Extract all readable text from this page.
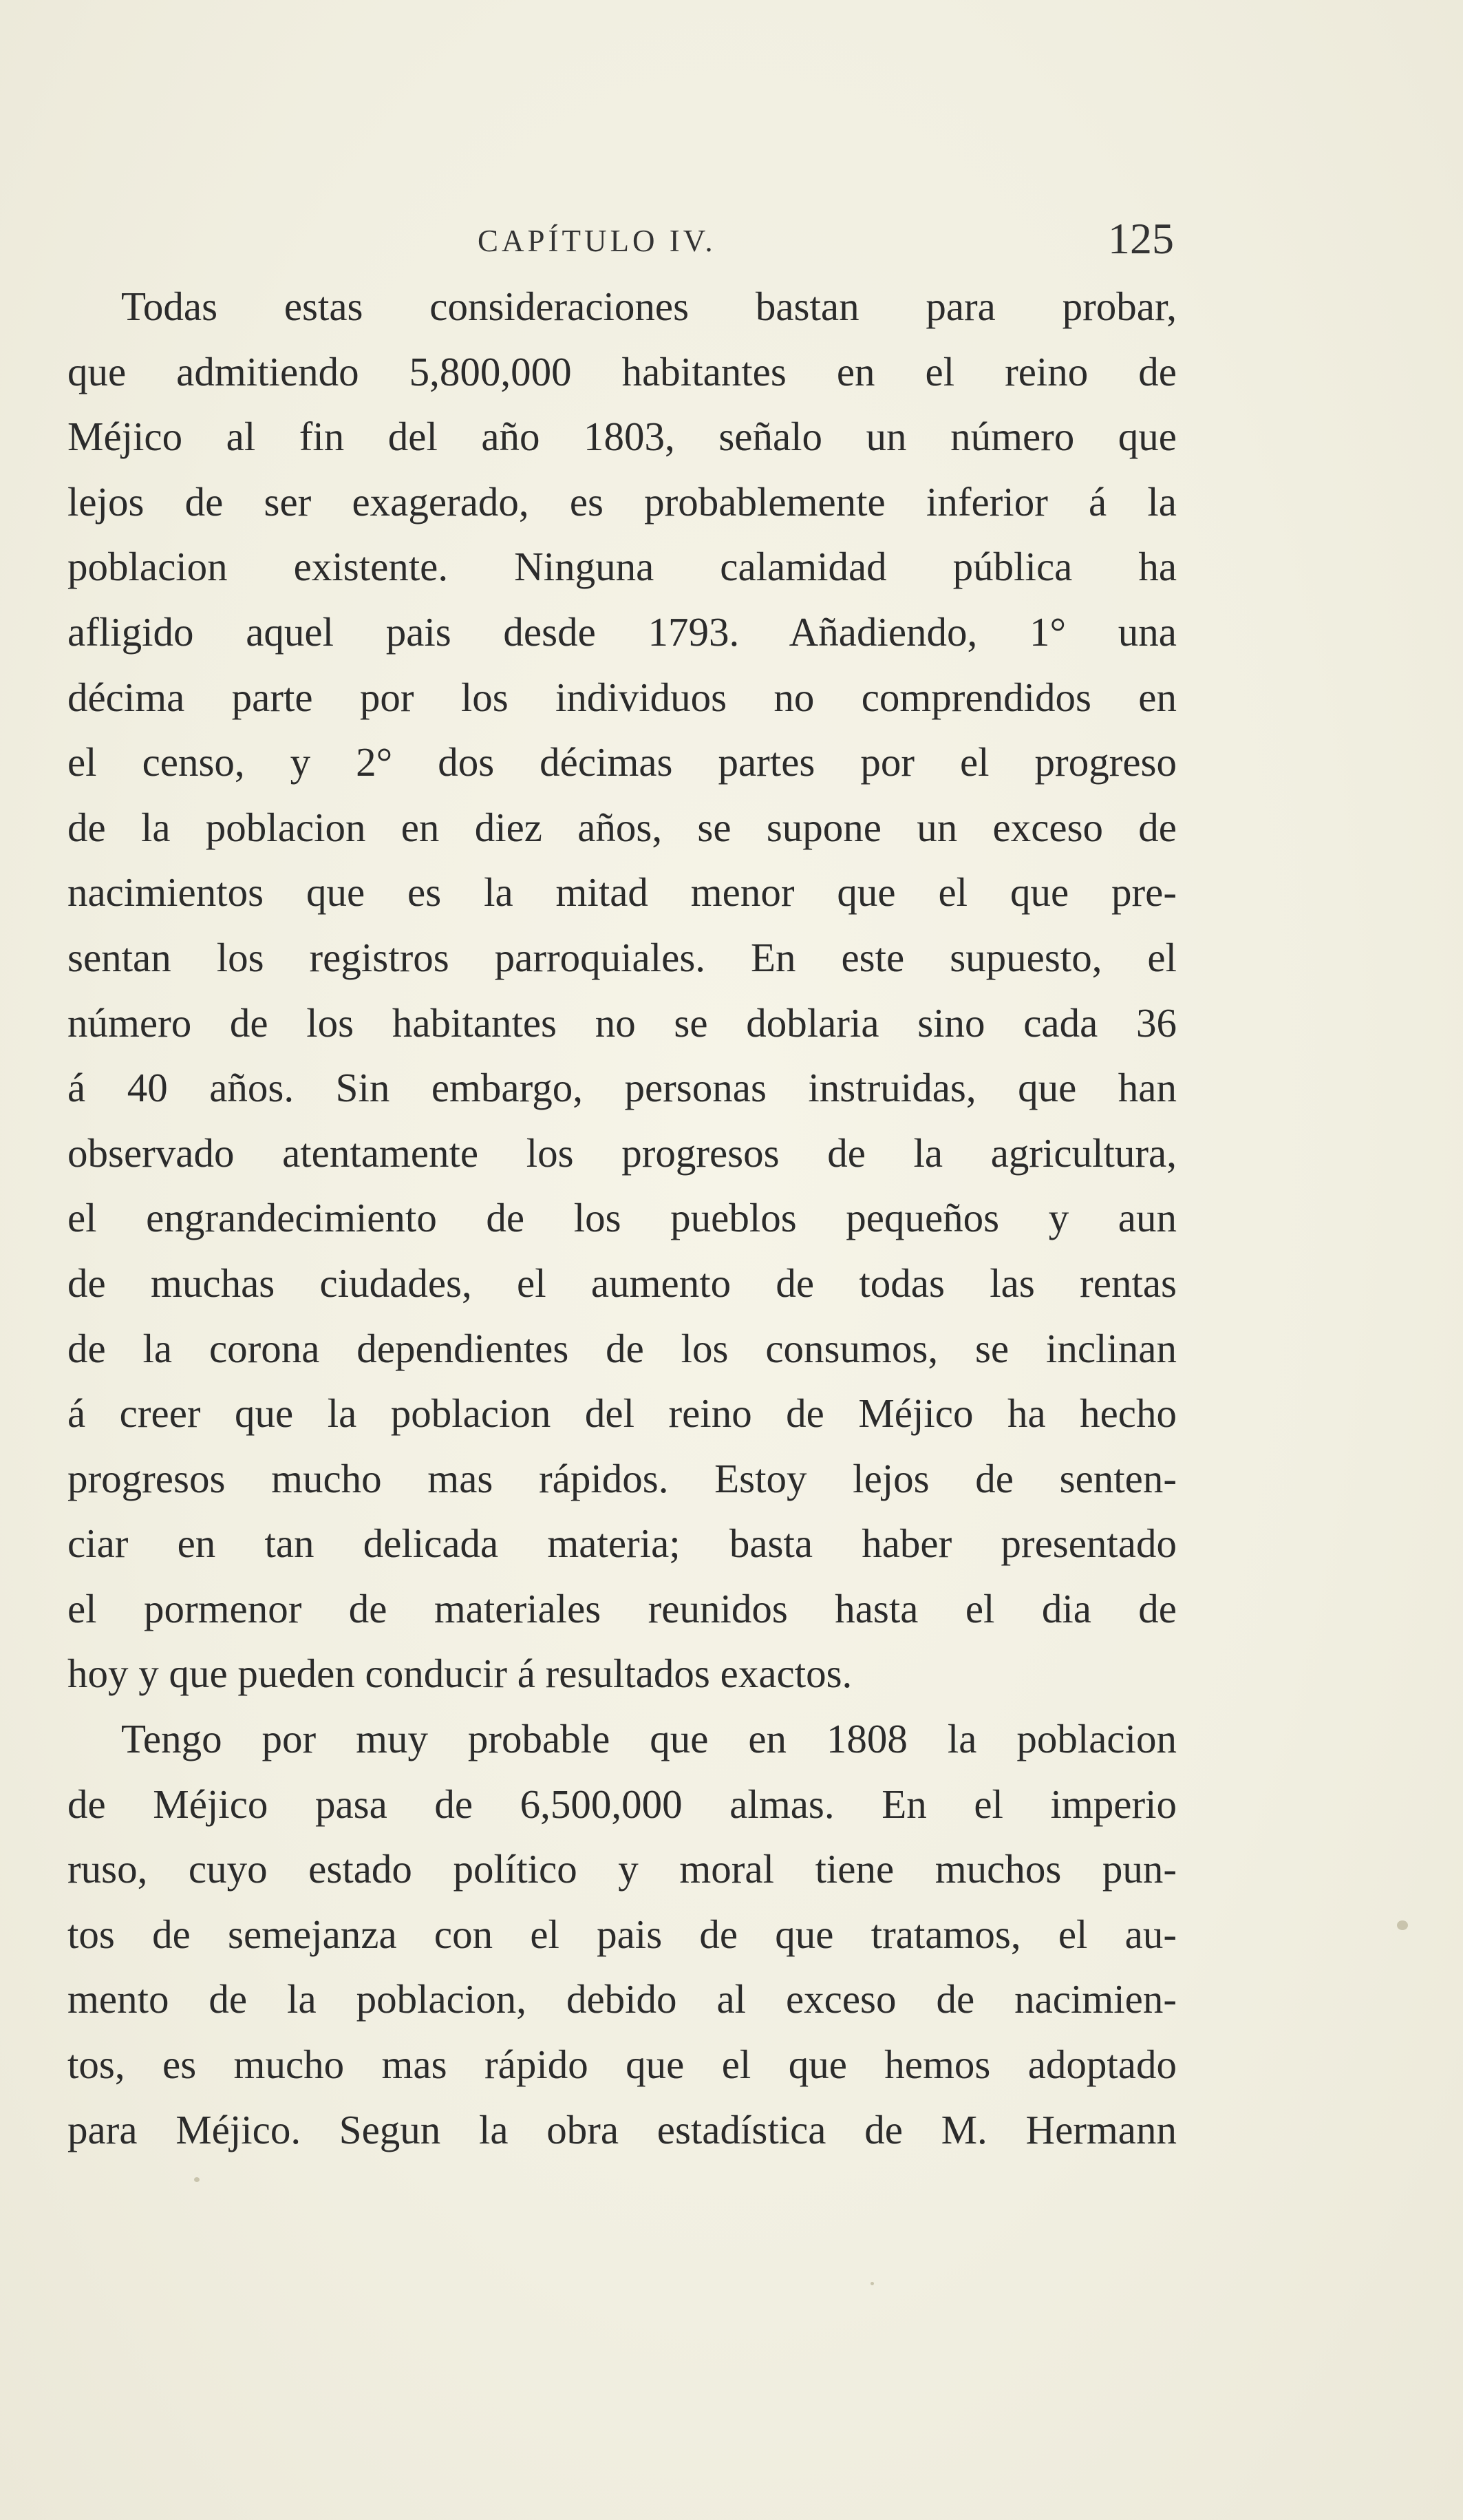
CAPÍTULO IV.	125
Todas estas consideraciones bastan para probar,
que admitiendo 5,800,000 habitantes en el reino de
Méjico al fin del año 1803, señalo un número que
lejos de ser exagerado, es probablemente inferior á la
poblacion existente. Ninguna calamidad pública ha
afligido aquel pais desde 1793. Añadiendo, 1° una
décima parte por los individuos no comprendidos en
el censo, y 2° dos décimas partes por el progreso
de la poblacion en diez años, se supone un exceso de
nacimientos que es la mitad menor que el que pre-
sentan los registros parroquiales. En este supuesto, el
número de los habitantes no se doblaria sino cada 36
á 40 años. Sin embargo, personas instruidas, que han
observado atentamente los progresos de la agricultura,
el engrandecimiento de los pueblos pequeños y aun
de muchas ciudades, el aumento de todas las rentas
de la corona dependientes de los consumos, se inclinan
á creer que la poblacion del reino de Méjico ha hecho
progresos mucho mas rápidos. Estoy lejos de senten-
ciar en tan delicada materia; basta haber presentado
el pormenor de materiales reunidos hasta el dia de
hoy y que pueden conducir á resultados exactos.
Tengo por muy probable que en 1808 la poblacion
de Méjico pasa de 6,500,000 almas. En el imperio
ruso, cuyo estado político y moral tiene muchos pun-
tos de semejanza con el pais de que tratamos, el au-
mento de la poblacion, debido al exceso de nacimien-
tos, es mucho mas rápido que el que hemos adoptado
para Méjico. Segun la obra estadística de M. Hermann
